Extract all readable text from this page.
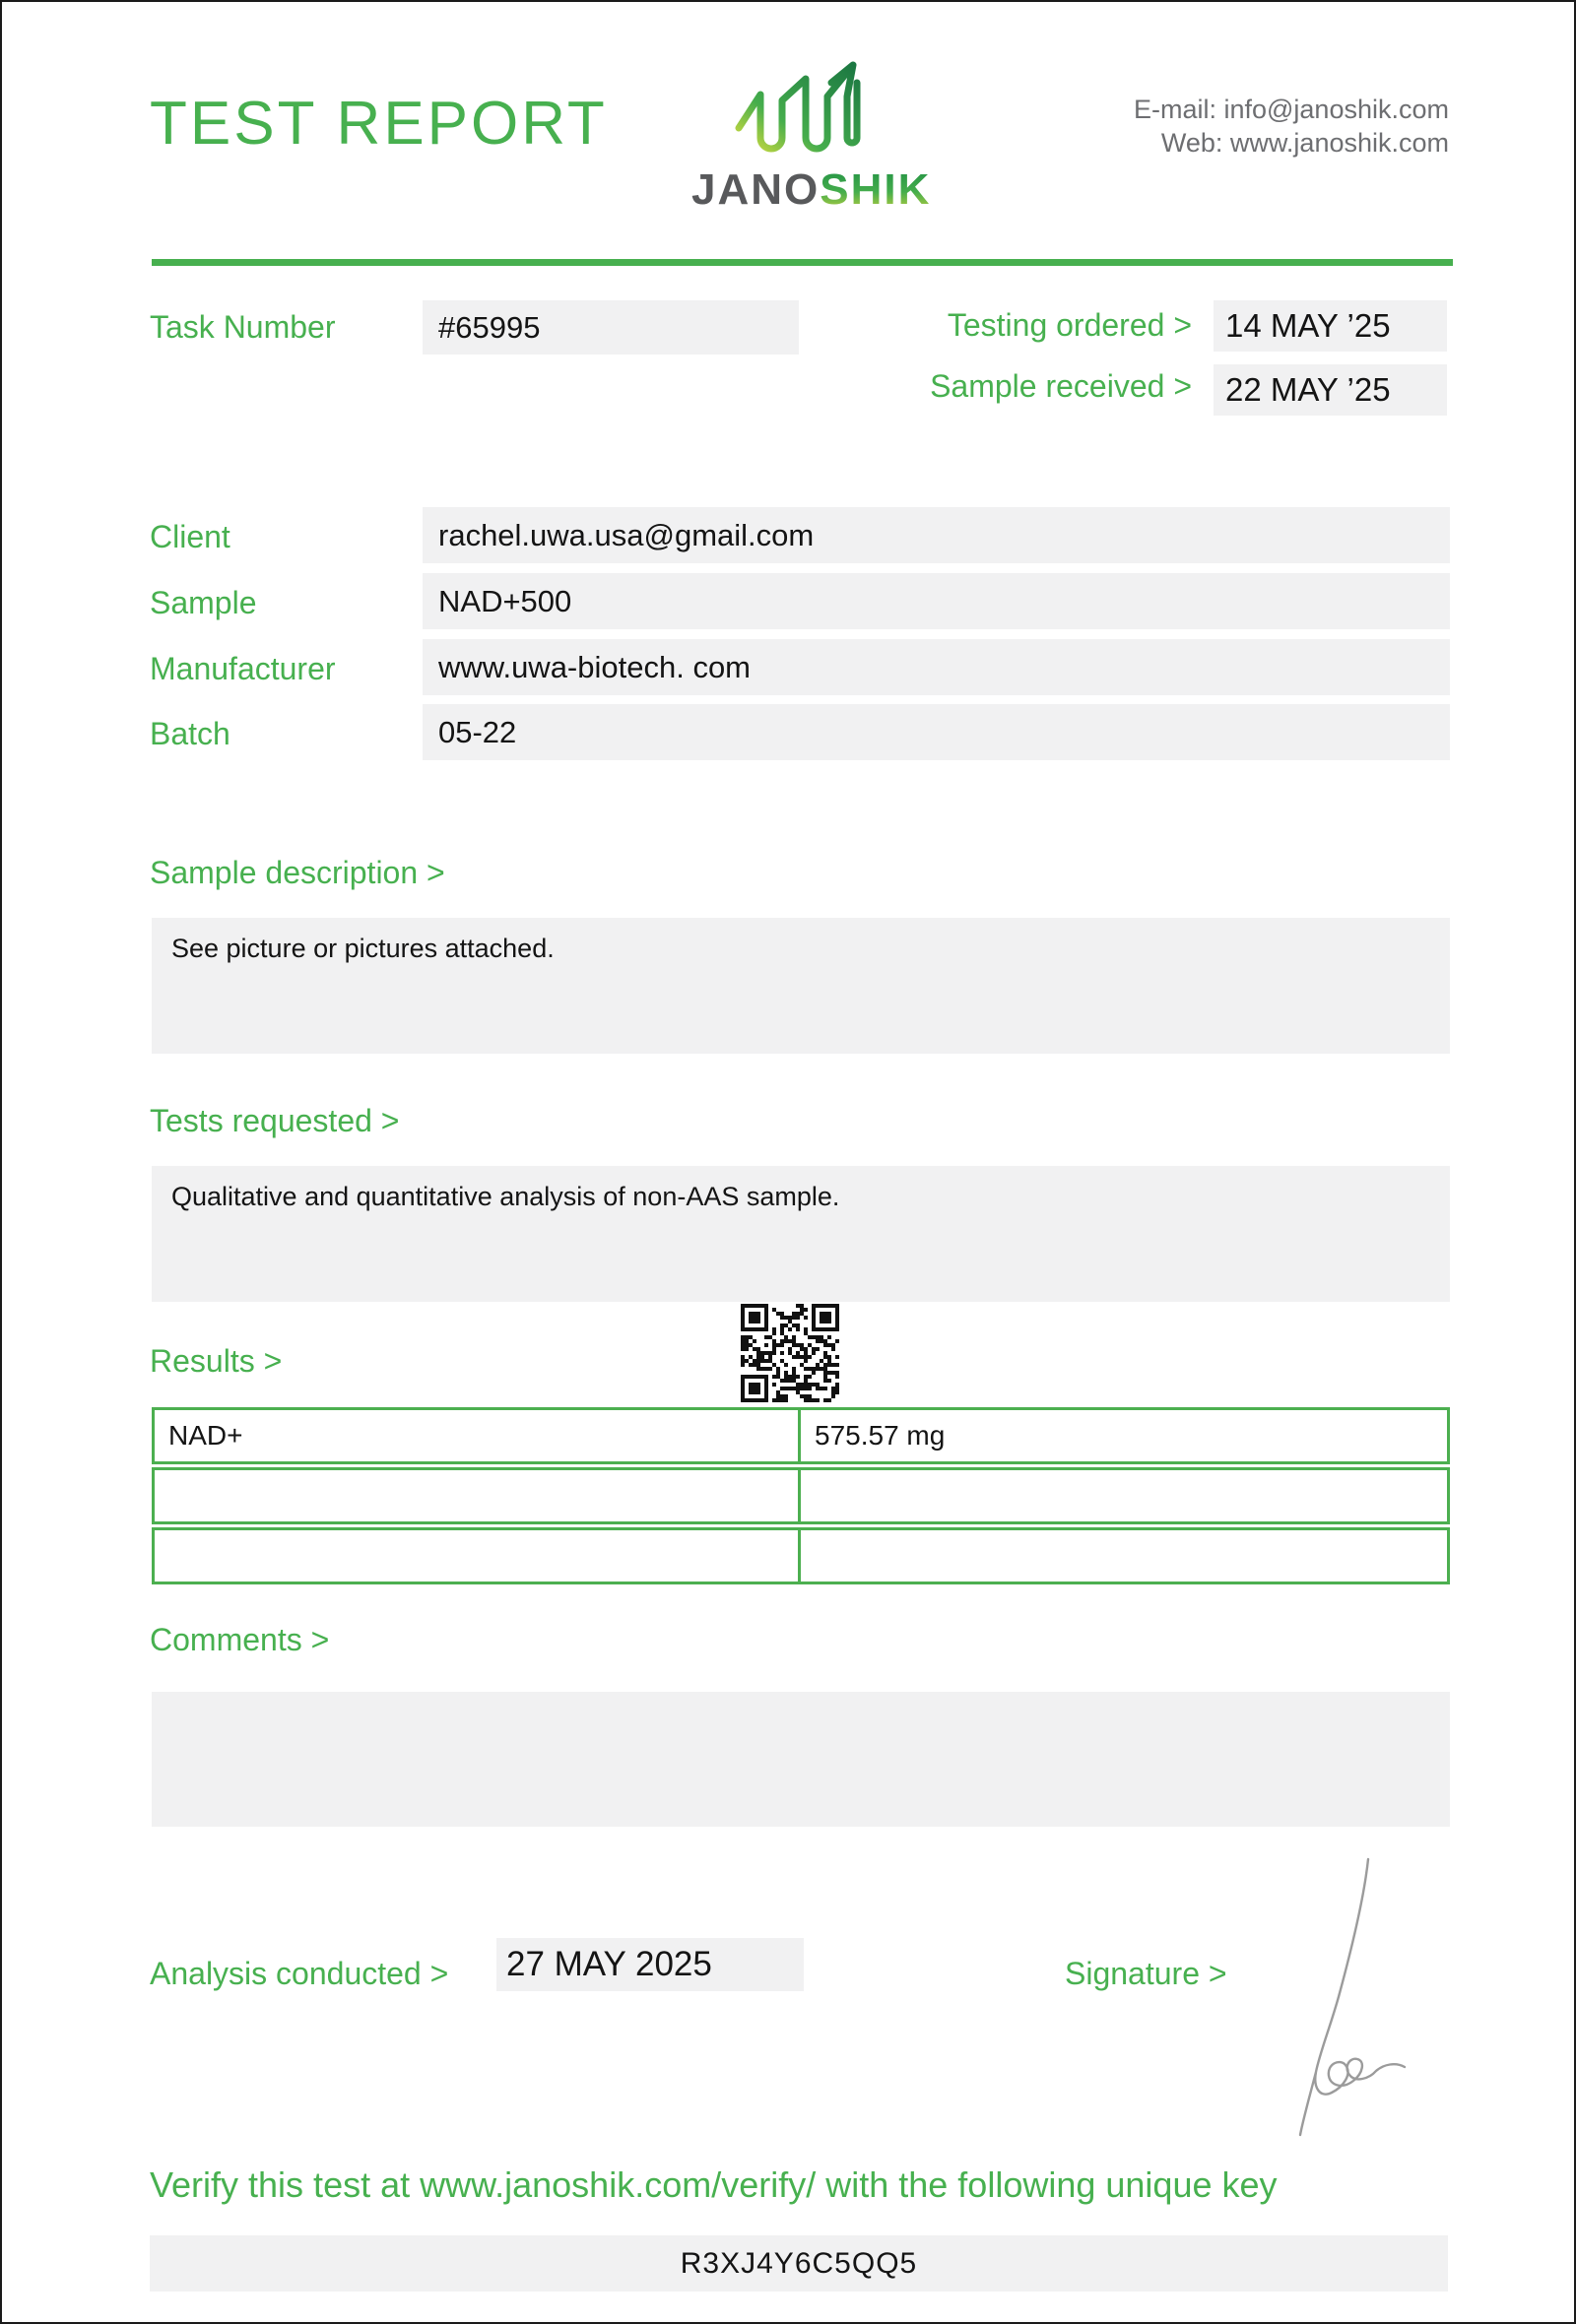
TEST REPORT
JANOSHIK
E-mail: info@janoshik.com
Web: www.janoshik.com
Task Number	#65995	Testing ordered >	14 MAY ’25
Sample received >	22 MAY ’25
Client	rachel.uwa.usa@gmail.com
Sample	NAD+500
Manufacturer	www.uwa-biotech. com
Batch	05-22
Sample description >
See picture or pictures attached.
Tests requested >
Qualitative and quantitative analysis of non-AAS sample.
Results >
NAD+	575.57 mg
Comments >
Analysis conducted > 27 MAY 2025	Signature >
Verify this test at www.janoshik.com/verify/ with the following unique key
R3XJ4Y6C5QQ5
